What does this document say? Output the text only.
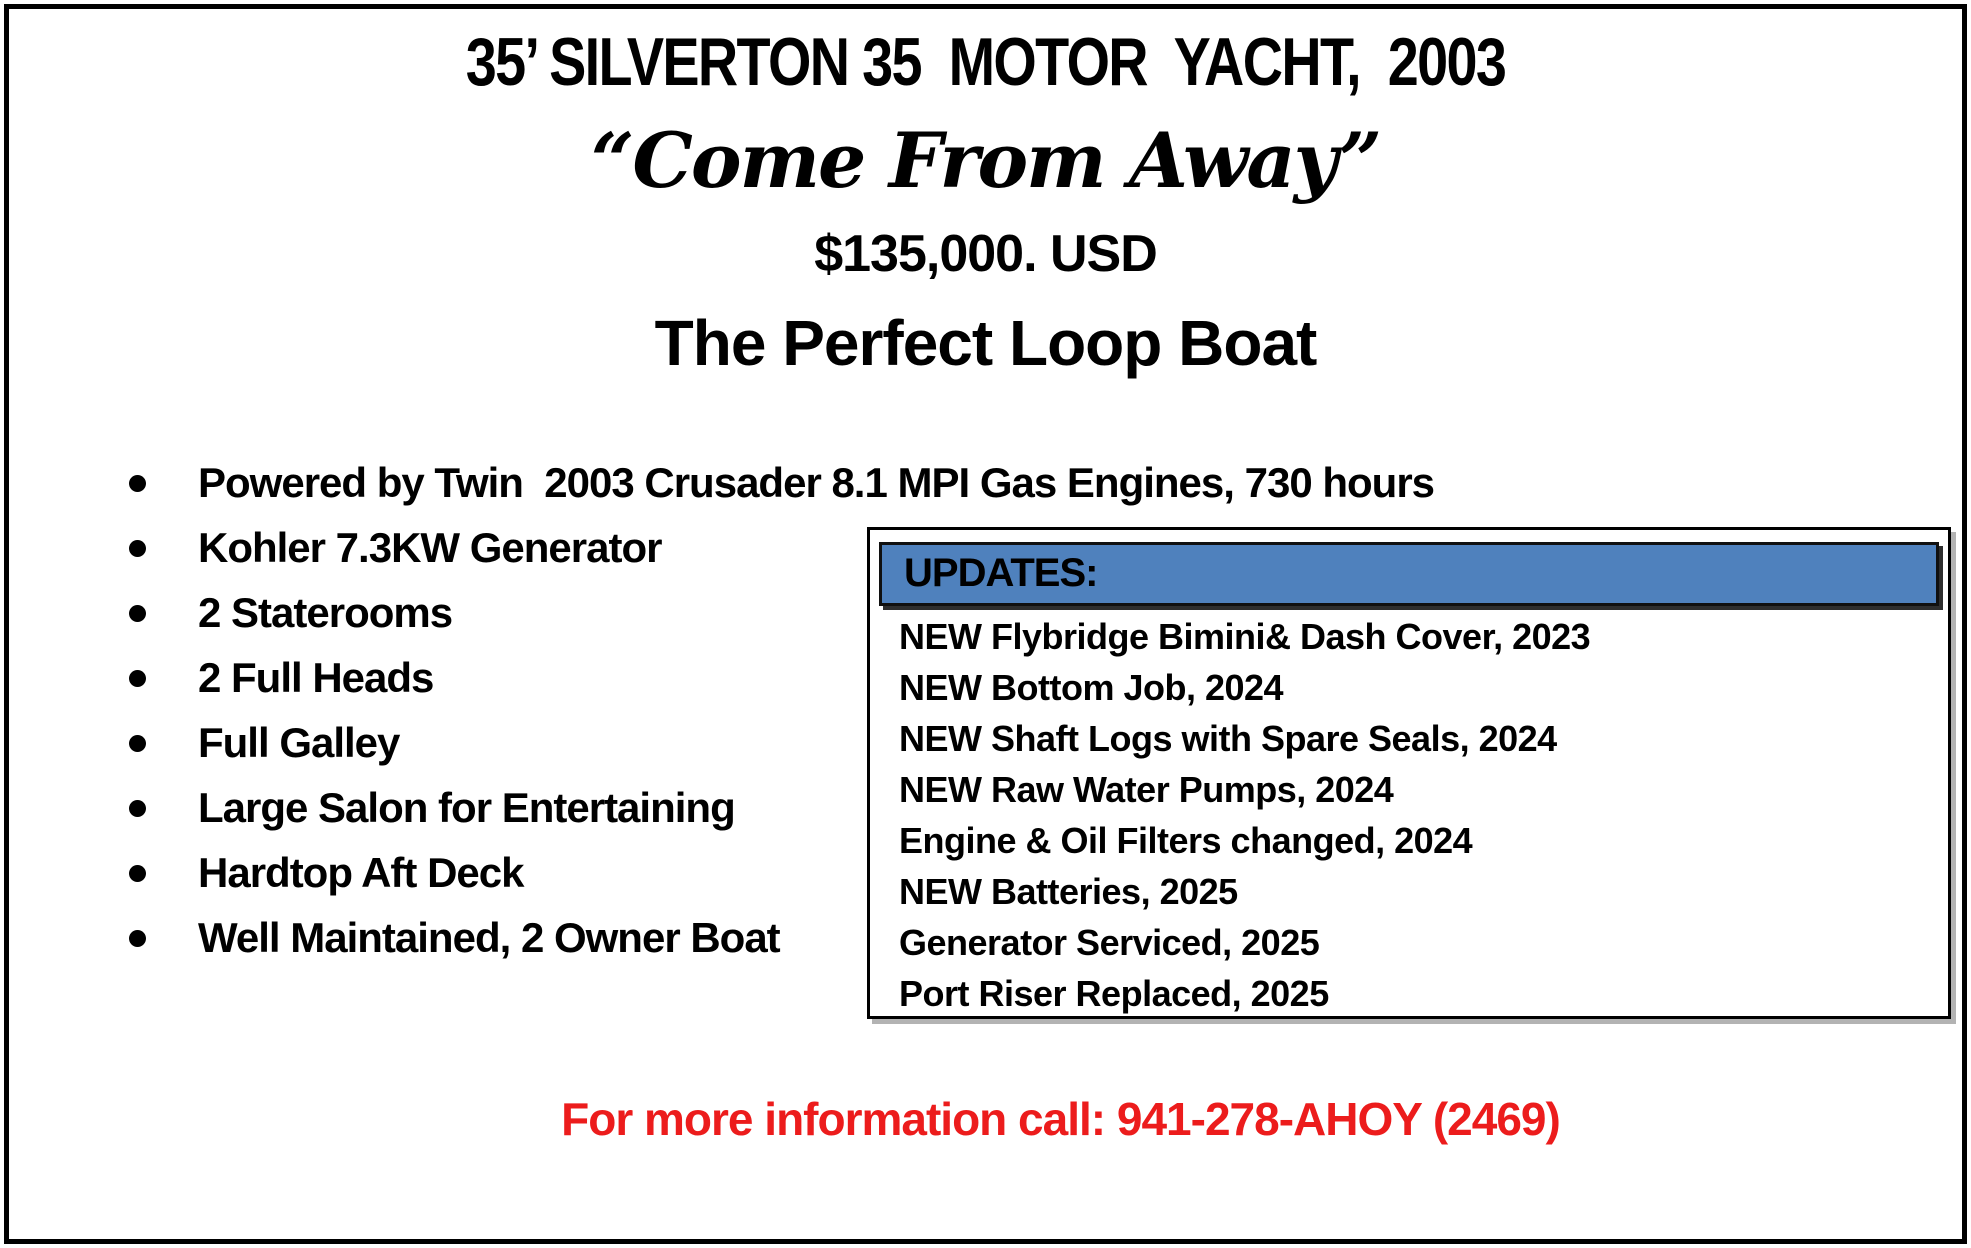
35’ SILVERTON 35  MOTOR  YACHT,  2003
“Come From Away”
$135,000. USD
The Perfect Loop Boat
Powered by Twin  2003 Crusader 8.1 MPI Gas Engines, 730 hours
Kohler 7.3KW Generator
2 Staterooms
2 Full Heads
Full Galley
Large Salon for Entertaining
Hardtop Aft Deck
Well Maintained, 2 Owner Boat
UPDATES:
NEW Flybridge Bimini& Dash Cover, 2023
NEW Bottom Job, 2024
NEW Shaft Logs with Spare Seals, 2024
NEW Raw Water Pumps, 2024
Engine & Oil Filters changed, 2024
NEW Batteries, 2025
Generator Serviced, 2025
Port Riser Replaced, 2025
For more information call: 941-278-AHOY (2469)
